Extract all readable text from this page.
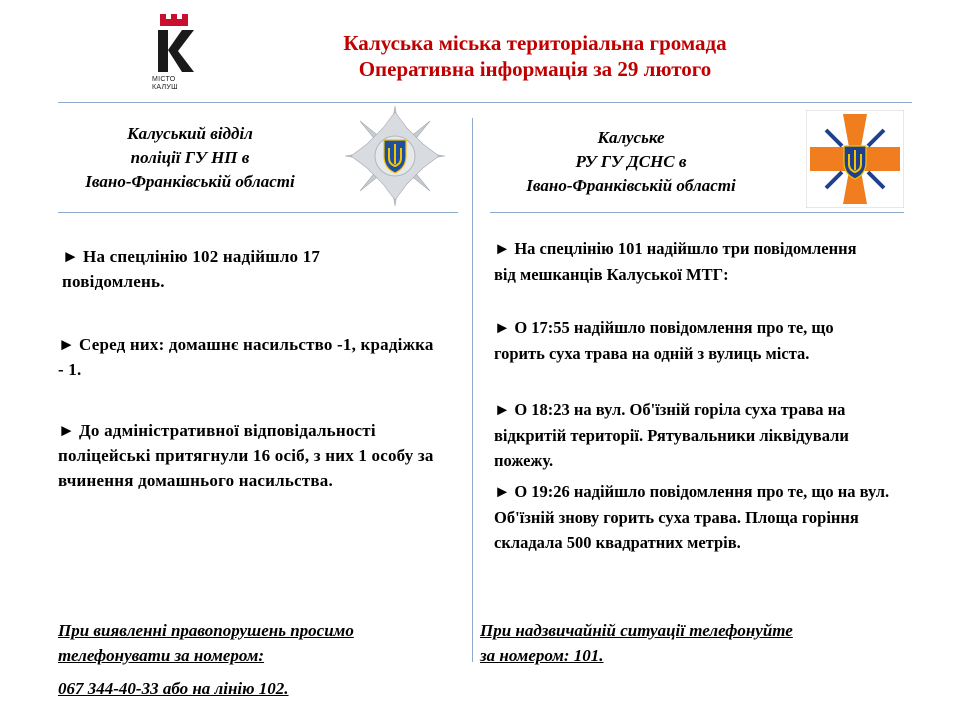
МІСТО
КАЛУШ
Калуська міська територіальна громада
Оперативна інформація за 29 лютого
Калуський відділ
поліції ГУ НП в
Івано-Франківській області
Калуське
РУ ГУ ДСНС в
Івано-Франківській області
► На спецлінію 102 надійшло 17 повідомлень.
► Серед них: домашнє насильство -1, крадіжка - 1.
► До адміністративної відповідальності поліцейські притягнули 16 осіб, з них 1 особу за вчинення домашнього насильства.
► На спецлінію 101 надійшло три повідомлення від мешканців Калуської МТГ:
► О 17:55 надійшло повідомлення про те, що горить суха трава на одній з вулиць міста.
► О 18:23 на вул. Об'їзній горіла суха трава на відкритій території. Рятувальники ліквідували пожежу.
► О 19:26 надійшло повідомлення про те, що на вул. Об'їзній знову горить суха трава. Площа горіння складала 500 квадратних метрів.
При виявленні правопорушень просимо
телефонувати за номером:
067 344-40-33 або на лінію 102.
При надзвичайній ситуації телефонуйте
за номером: 101.
